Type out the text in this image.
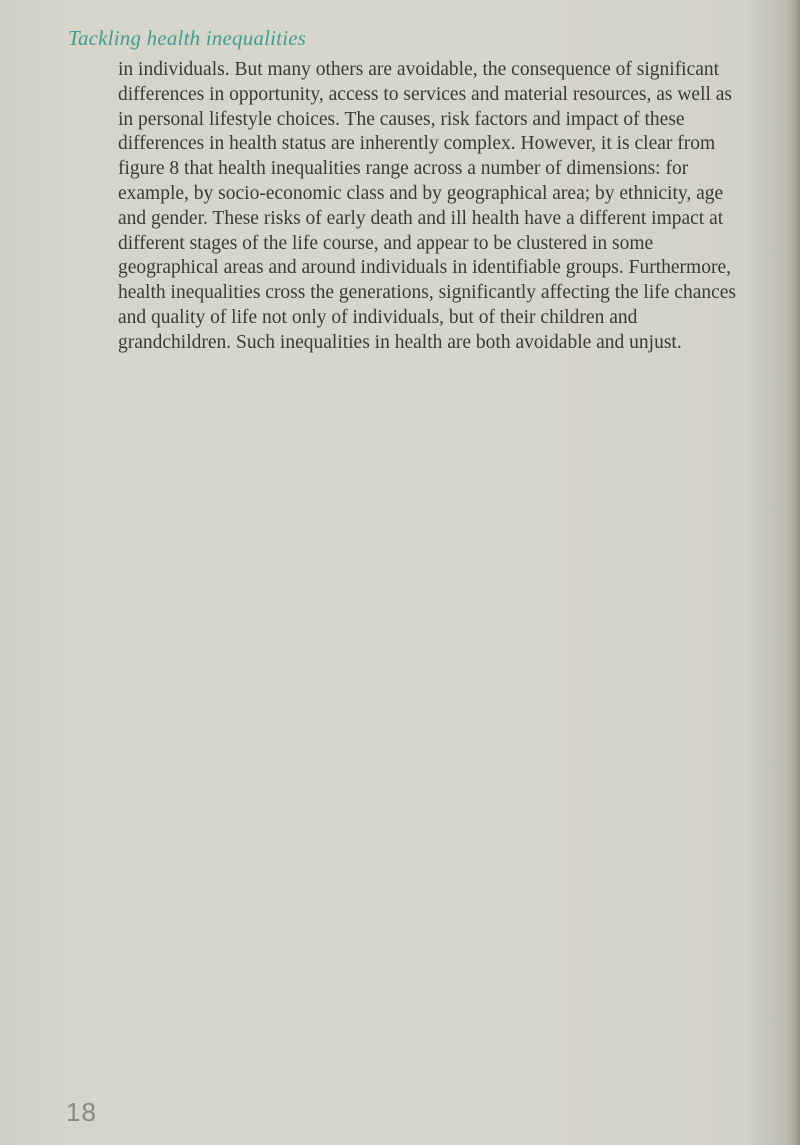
Tackling health inequalities

in individuals. But many others are avoidable, the consequence of significant differences in opportunity, access to services and material resources, as well as in personal lifestyle choices. The causes, risk factors and impact of these differences in health status are inherently complex. However, it is clear from figure 8 that health inequalities range across a number of dimensions: for example, by socio-economic class and by geographical area; by ethnicity, age and gender. These risks of early death and ill health have a different impact at different stages of the life course, and appear to be clustered in some geographical areas and around individuals in identifiable groups. Furthermore, health inequalities cross the generations, significantly affecting the life chances and quality of life not only of individuals, but of their children and grandchildren. Such inequalities in health are both avoidable and unjust.

18
